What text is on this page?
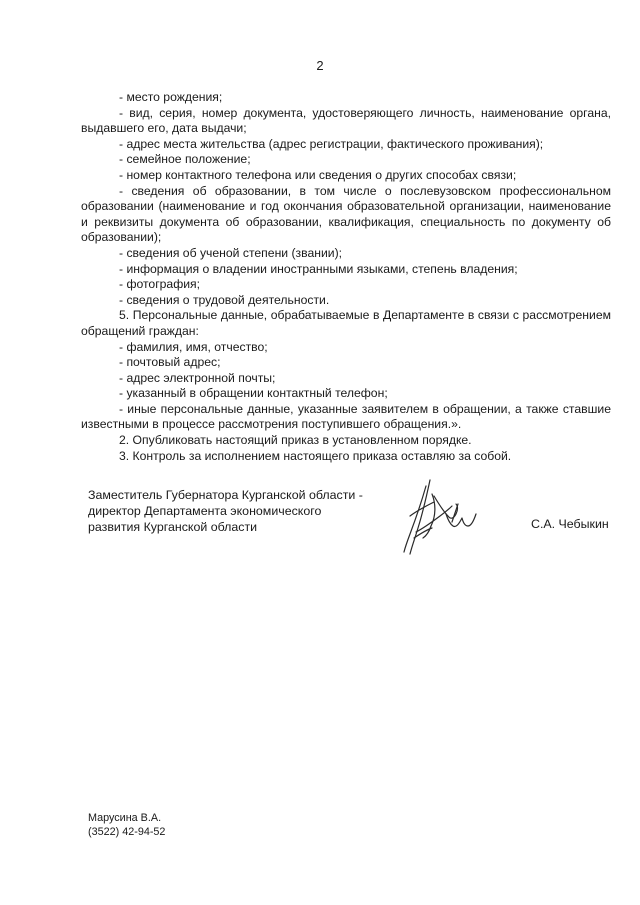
2

- место рождения;

- вид, серия, номер документа, удостоверяющего личность, наименование органа, выдавшего его, дата выдачи;

- адрес места жительства (адрес регистрации, фактического проживания);

- семейное положение;

- номер контактного телефона или сведения о других способах связи;

- сведения об образовании, в том числе о послевузовском профессиональном образовании (наименование и год окончания образовательной организации, наименование и реквизиты документа об образовании, квалификация, специальность по документу об образовании);

- сведения об ученой степени (звании);

- информация о владении иностранными языками, степень владения;

- фотография;

- сведения о трудовой деятельности.

5. Персональные данные, обрабатываемые в Департаменте в связи с рассмотрением обращений граждан:

- фамилия, имя, отчество;

- почтовый адрес;

- адрес электронной почты;

- указанный в обращении контактный телефон;

- иные персональные данные, указанные заявителем в обращении, а также ставшие известными в процессе рассмотрения поступившего обращения.».

2. Опубликовать настоящий приказ в установленном порядке.

3. Контроль за исполнением настоящего приказа оставляю за собой.

Заместитель Губернатора Курганской области -

директор Департамента экономического

развития Курганской области	С.А. Чебыкин

Марусина В.А.

(3522) 42-94-52
